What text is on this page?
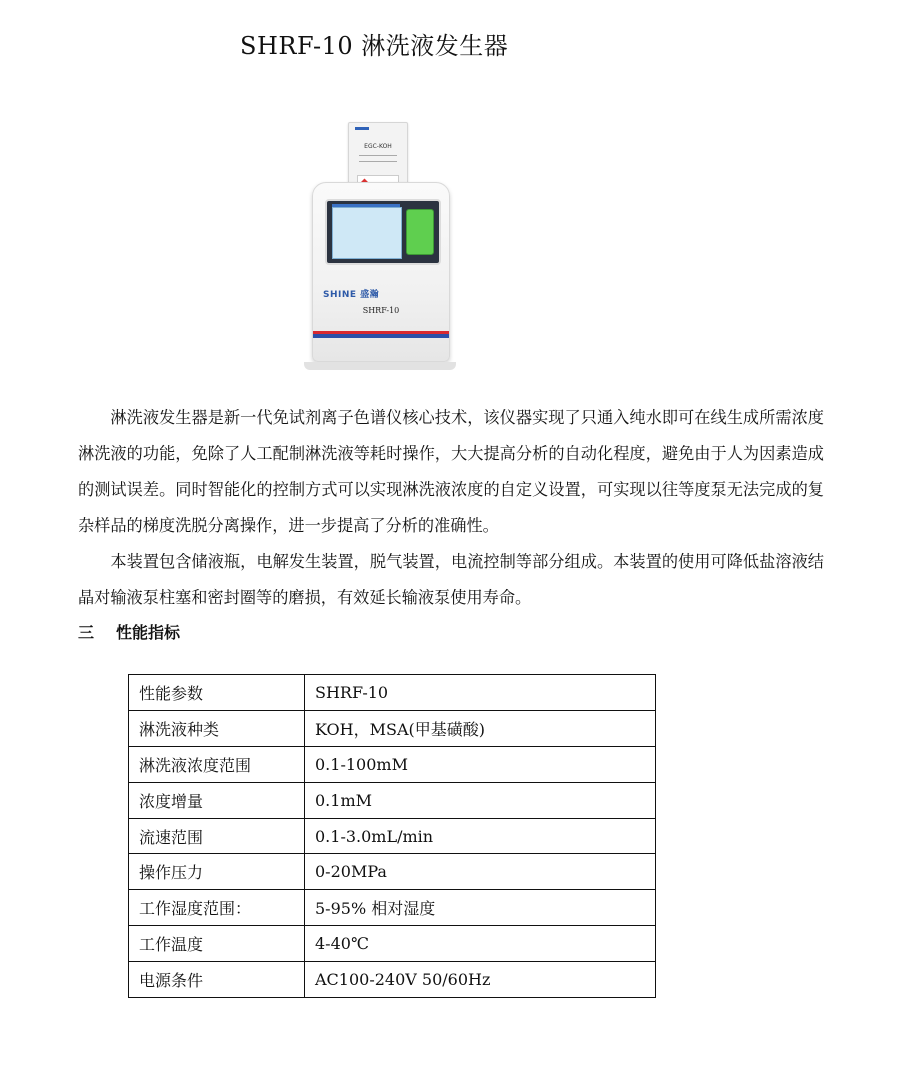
SHRF-10 淋洗液发生器
EGC-KOH
SHINE 盛瀚
SHRF-10

淋洗液发生器是新一代免试剂离子色谱仪核心技术，该仪器实现了只通入纯水即可在线生成所需浓度淋洗液的功能，免除了人工配制淋洗液等耗时操作，大大提高分析的自动化程度，避免由于人为因素造成的测试误差。同时智能化的控制方式可以实现淋洗液浓度的自定义设置，可实现以往等度泵无法完成的复杂样品的梯度洗脱分离操作，进一步提高了分析的准确性。

本装置包含储液瓶，电解发生装置，脱气装置，电流控制等部分组成。本装置的使用可降低盐溶液结晶对输液泵柱塞和密封圈等的磨损，有效延长输液泵使用寿命。

三 性能指标
性能参数	SHRF-10
淋洗液种类	KOH，MSA(甲基磺酸)
淋洗液浓度范围	0.1-100mM
浓度增量	0.1mM
流速范围	0.1-3.0mL/min
操作压力	0-20MPa
工作湿度范围：	5-95% 相对湿度
工作温度	4-40℃
电源条件	AC100-240V 50/60Hz
